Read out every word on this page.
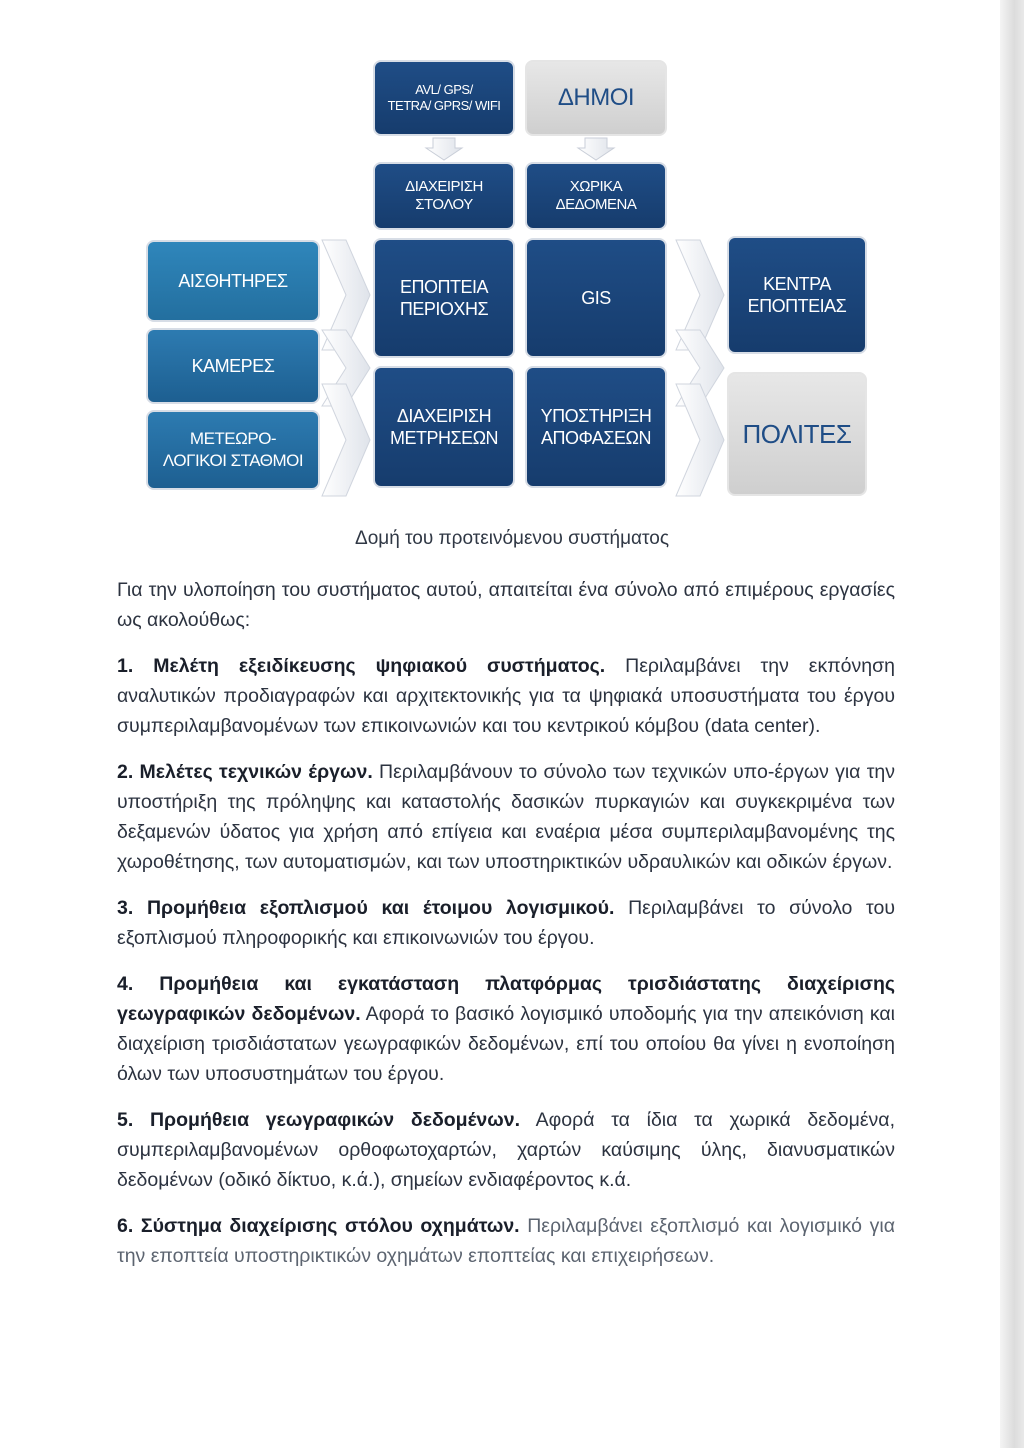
AVL/ GPS/
TETRA/ GPRS/ WIFI	ΔΗΜΟΙ
ΔΙΑΧΕΙΡΙΣΗ
ΣΤΟΛΟΥ
ΧΩΡΙΚΑ
ΔΕΔΟΜΕΝΑ
ΑΙΣΘΗΤΗΡΕΣ
ΚΑΜΕΡΕΣ
ΜΕΤΕΩΡΟ-
ΛΟΓΙΚΟΙ ΣΤΑΘΜΟΙ
ΕΠΟΠΤΕΙΑ
ΠΕΡΙΟΧΗΣ
GIS
ΔΙΑΧΕΙΡΙΣΗ
ΜΕΤΡΗΣΕΩΝ
ΥΠΟΣΤΗΡΙΞΗ
ΑΠΟΦΑΣΕΩΝ
ΚΕΝΤΡΑ
ΕΠΟΠΤΕΙΑΣ
ΠΟΛΙΤΕΣ
Δομή του προτεινόμενου συστήματος

Για την υλοποίηση του συστήματος αυτού, απαιτείται ένα σύνολο από επιμέρους εργασίες ως ακολούθως:

1. Μελέτη εξειδίκευσης ψηφιακού συστήματος. Περιλαμβάνει την εκπόνηση αναλυτικών προδιαγραφών και αρχιτεκτονικής για τα ψηφιακά υποσυστήματα του έργου συμπεριλαμβανομένων των επικοινωνιών και του κεντρικού κόμβου (data center).

2. Μελέτες τεχνικών έργων. Περιλαμβάνουν το σύνολο των τεχνικών υπο-έργων για την υποστήριξη της πρόληψης και καταστολής δασικών πυρκαγιών και συγκεκριμένα των δεξαμενών ύδατος για χρήση από επίγεια και εναέρια μέσα συμπεριλαμβανομένης της χωροθέτησης, των αυτοματισμών, και των υποστηρικτικών υδραυλικών και οδικών έργων.

3. Προμήθεια εξοπλισμού και έτοιμου λογισμικού. Περιλαμβάνει το σύνολο του εξοπλισμού πληροφορικής και επικοινωνιών του έργου.

4. Προμήθεια και εγκατάσταση πλατφόρμας τρισδιάστατης διαχείρισης γεωγραφικών δεδομένων. Αφορά το βασικό λογισμικό υποδομής για την απεικόνιση και διαχείριση τρισδιάστατων γεωγραφικών δεδομένων, επί του οποίου θα γίνει η ενοποίηση όλων των υποσυστημάτων του έργου.

5. Προμήθεια γεωγραφικών δεδομένων. Αφορά τα ίδια τα χωρικά δεδομένα, συμπεριλαμβανομένων ορθοφωτοχαρτών, χαρτών καύσιμης ύλης, διανυσματικών δεδομένων (οδικό δίκτυο, κ.ά.), σημείων ενδιαφέροντος κ.ά.

6. Σύστημα διαχείρισης στόλου οχημάτων. Περιλαμβάνει εξοπλισμό και λογισμικό για την εποπτεία υποστηρικτικών οχημάτων εποπτείας και επιχειρήσεων.
